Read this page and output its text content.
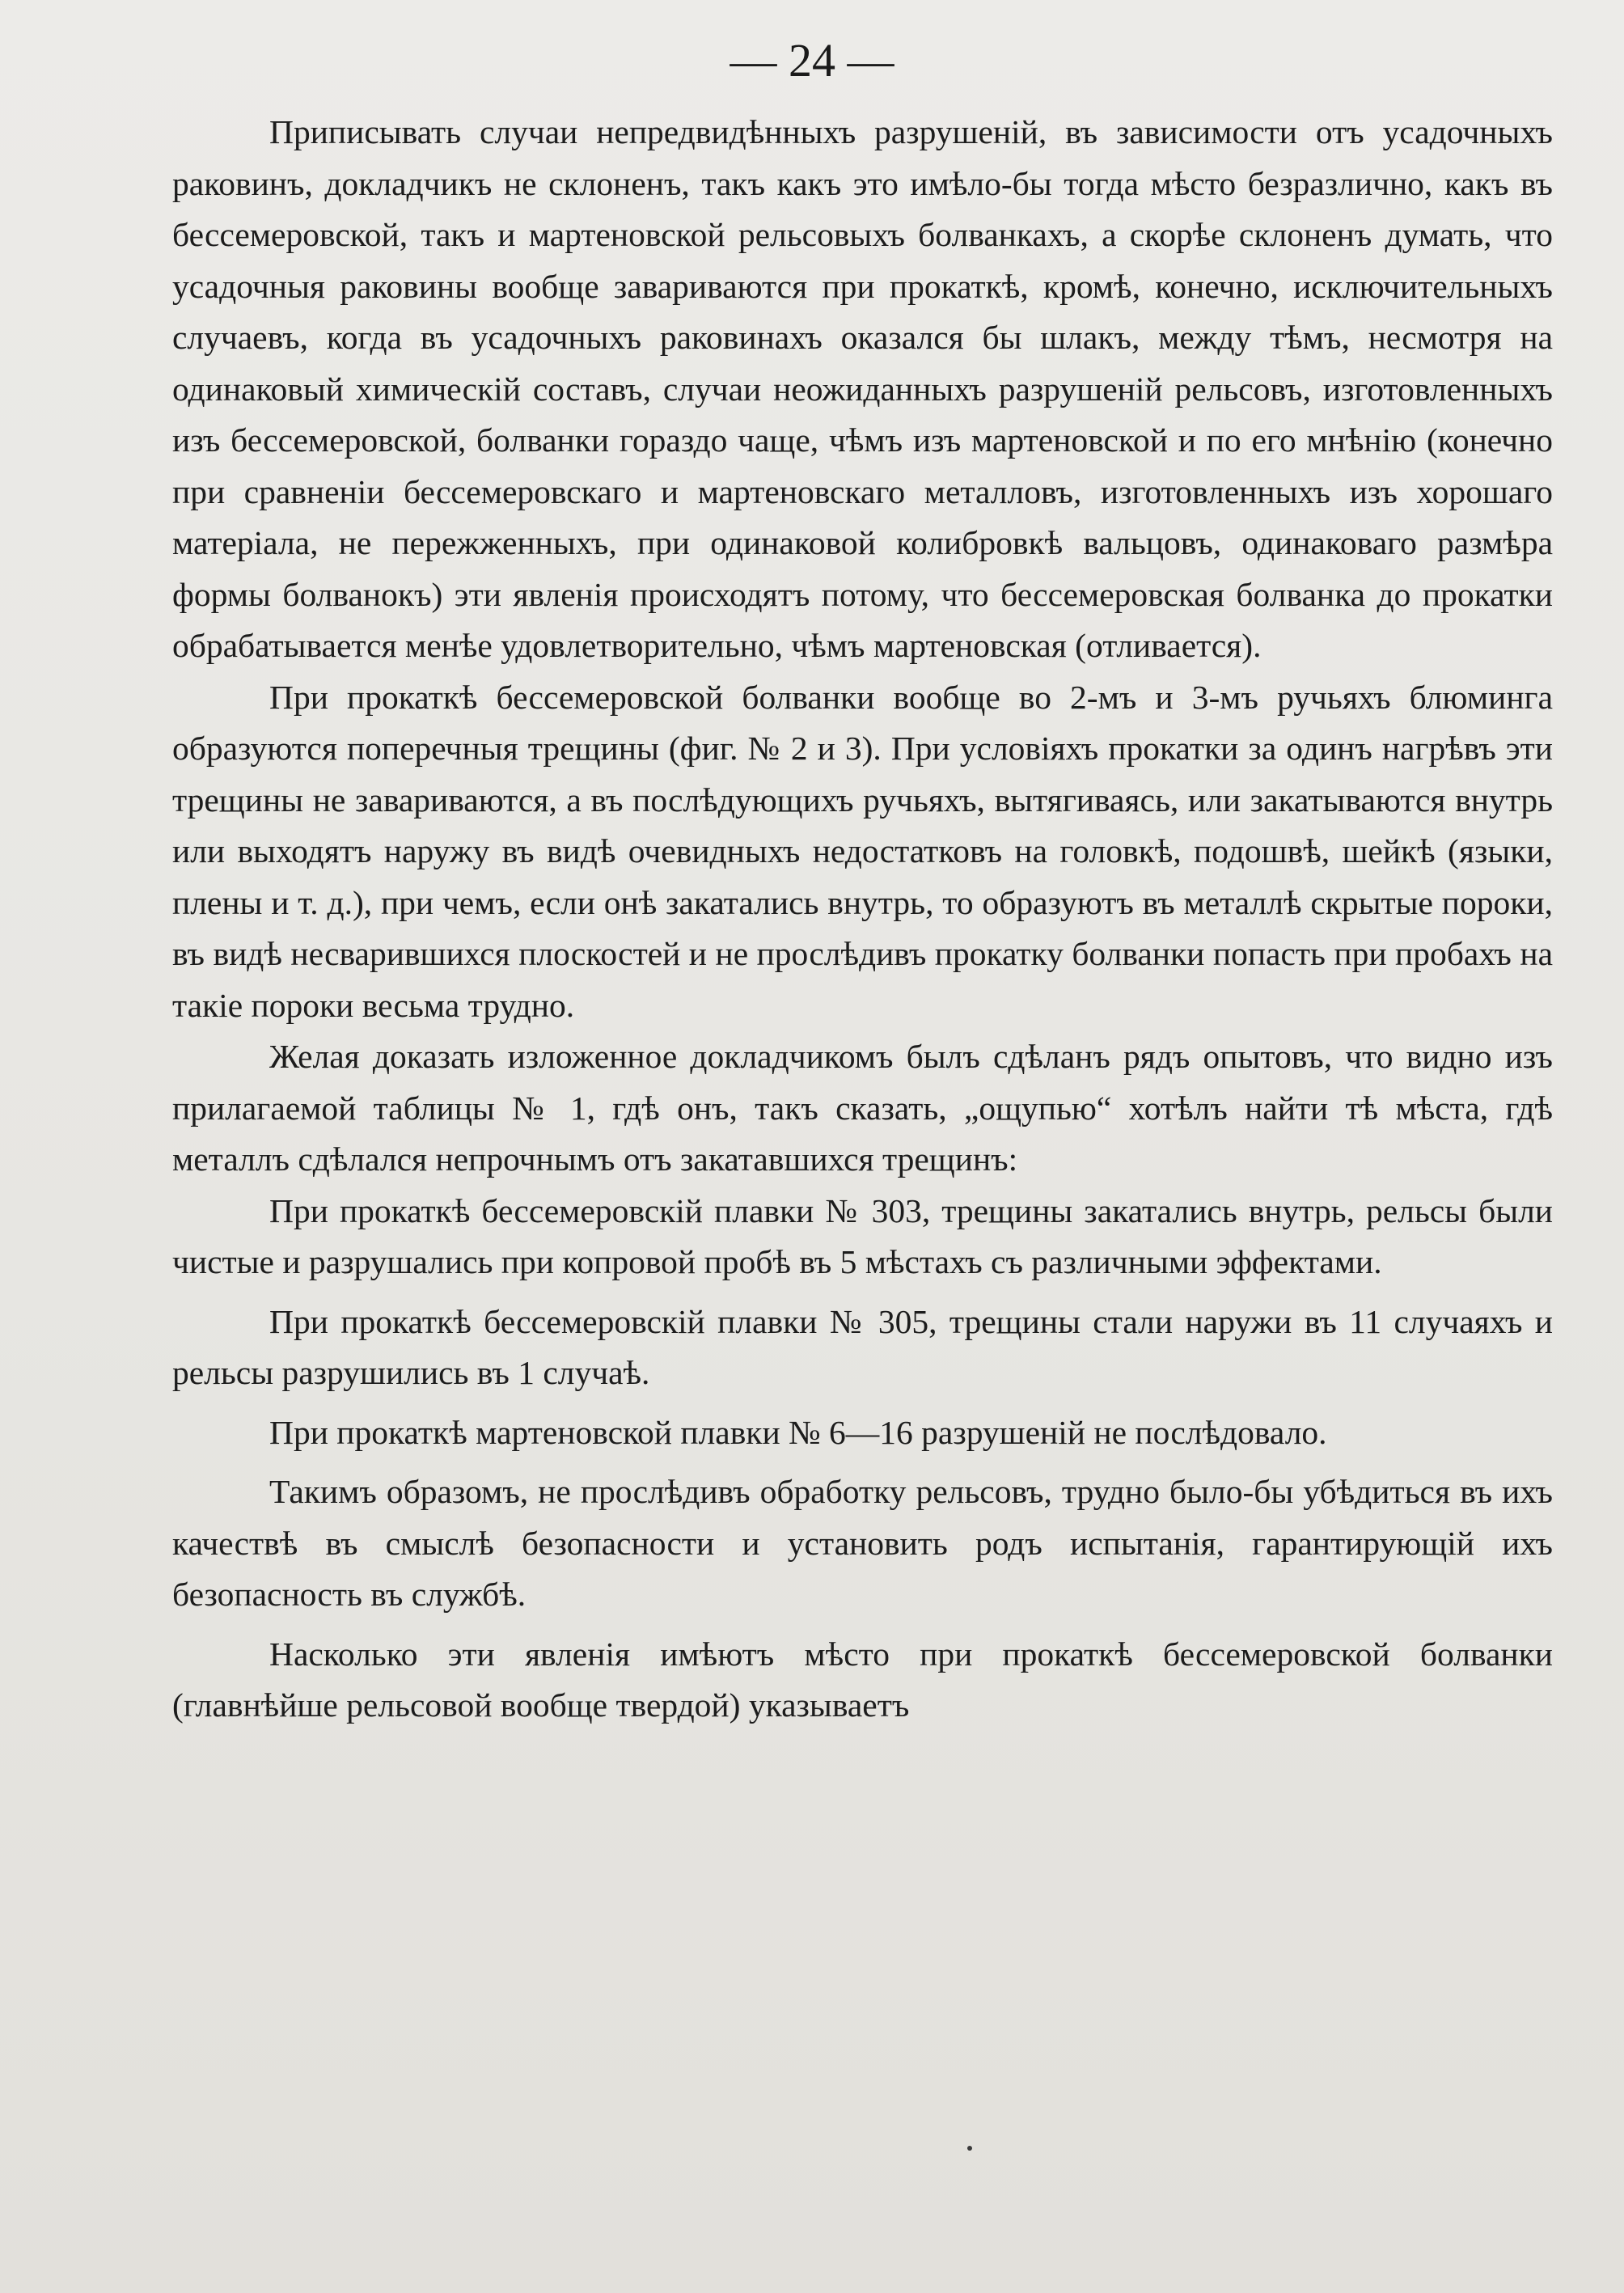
— 24 —

Приписывать случаи непредвидѣнныхъ разрушеній, въ зависимости отъ усадочныхъ раковинъ, докладчикъ не склоненъ, такъ какъ это имѣло-бы тогда мѣсто безразлично, какъ въ бессемеровской, такъ и мартеновской рельсовыхъ болванкахъ, а скорѣе склоненъ думать, что усадочныя раковины вообще завариваются при прокаткѣ, кромѣ, конечно, исключительныхъ случаевъ, когда въ усадочныхъ раковинахъ оказался бы шлакъ, между тѣмъ, несмотря на одинаковый химическій составъ, случаи неожиданныхъ разрушеній рельсовъ, изготовленныхъ изъ бессемеровской, болванки гораздо чаще, чѣмъ изъ мартеновской и по его мнѣнію (конечно при сравненіи бессемеровскаго и мартеновскаго металловъ, изготовленныхъ изъ хорошаго матеріала, не пережженныхъ, при одинаковой колибровкѣ вальцовъ, одинаковаго размѣра формы болванокъ) эти явленія происходятъ потому, что бессемеровская болванка до прокатки обрабатывается менѣе удовлетворительно, чѣмъ мартеновская (отливается).

При прокаткѣ бессемеровской болванки вообще во 2-мъ и 3-мъ ручьяхъ блюминга образуются поперечныя трещины (фиг. № 2 и 3). При условіяхъ прокатки за одинъ нагрѣвъ эти трещины не завариваются, а въ послѣдующихъ ручьяхъ, вытягиваясь, или закатываются внутрь или выходятъ наружу въ видѣ очевидныхъ недостатковъ на головкѣ, подошвѣ, шейкѣ (языки, плены и т. д.), при чемъ, если онѣ закатались внутрь, то образуютъ въ металлѣ скрытые пороки, въ видѣ несварившихся плоскостей и не прослѣдивъ прокатку болванки попасть при пробахъ на такіе пороки весьма трудно.

Желая доказать изложенное докладчикомъ былъ сдѣланъ рядъ опытовъ, что видно изъ прилагаемой таблицы № 1, гдѣ онъ, такъ сказать, „ощупью“ хотѣлъ найти тѣ мѣста, гдѣ металлъ сдѣлался непрочнымъ отъ закатавшихся трещинъ:

При прокаткѣ бессемеровскій плавки № 303, трещины закатались внутрь, рельсы были чистые и разрушались при копровой пробѣ въ 5 мѣстахъ съ различными эффектами.

При прокаткѣ бессемеровскій плавки № 305, трещины стали наружи въ 11 случаяхъ и рельсы разрушились въ 1 случаѣ.

При прокаткѣ мартеновской плавки № 6—16 разрушеній не послѣдовало.

Такимъ образомъ, не прослѣдивъ обработку рельсовъ, трудно было-бы убѣдиться въ ихъ качествѣ въ смыслѣ безопасности и установить родъ испытанія, гарантирующій ихъ безопасность въ службѣ.

Насколько эти явленія имѣютъ мѣсто при прокаткѣ бессемеровской болванки (главнѣйше рельсовой вообще твердой) указываетъ
